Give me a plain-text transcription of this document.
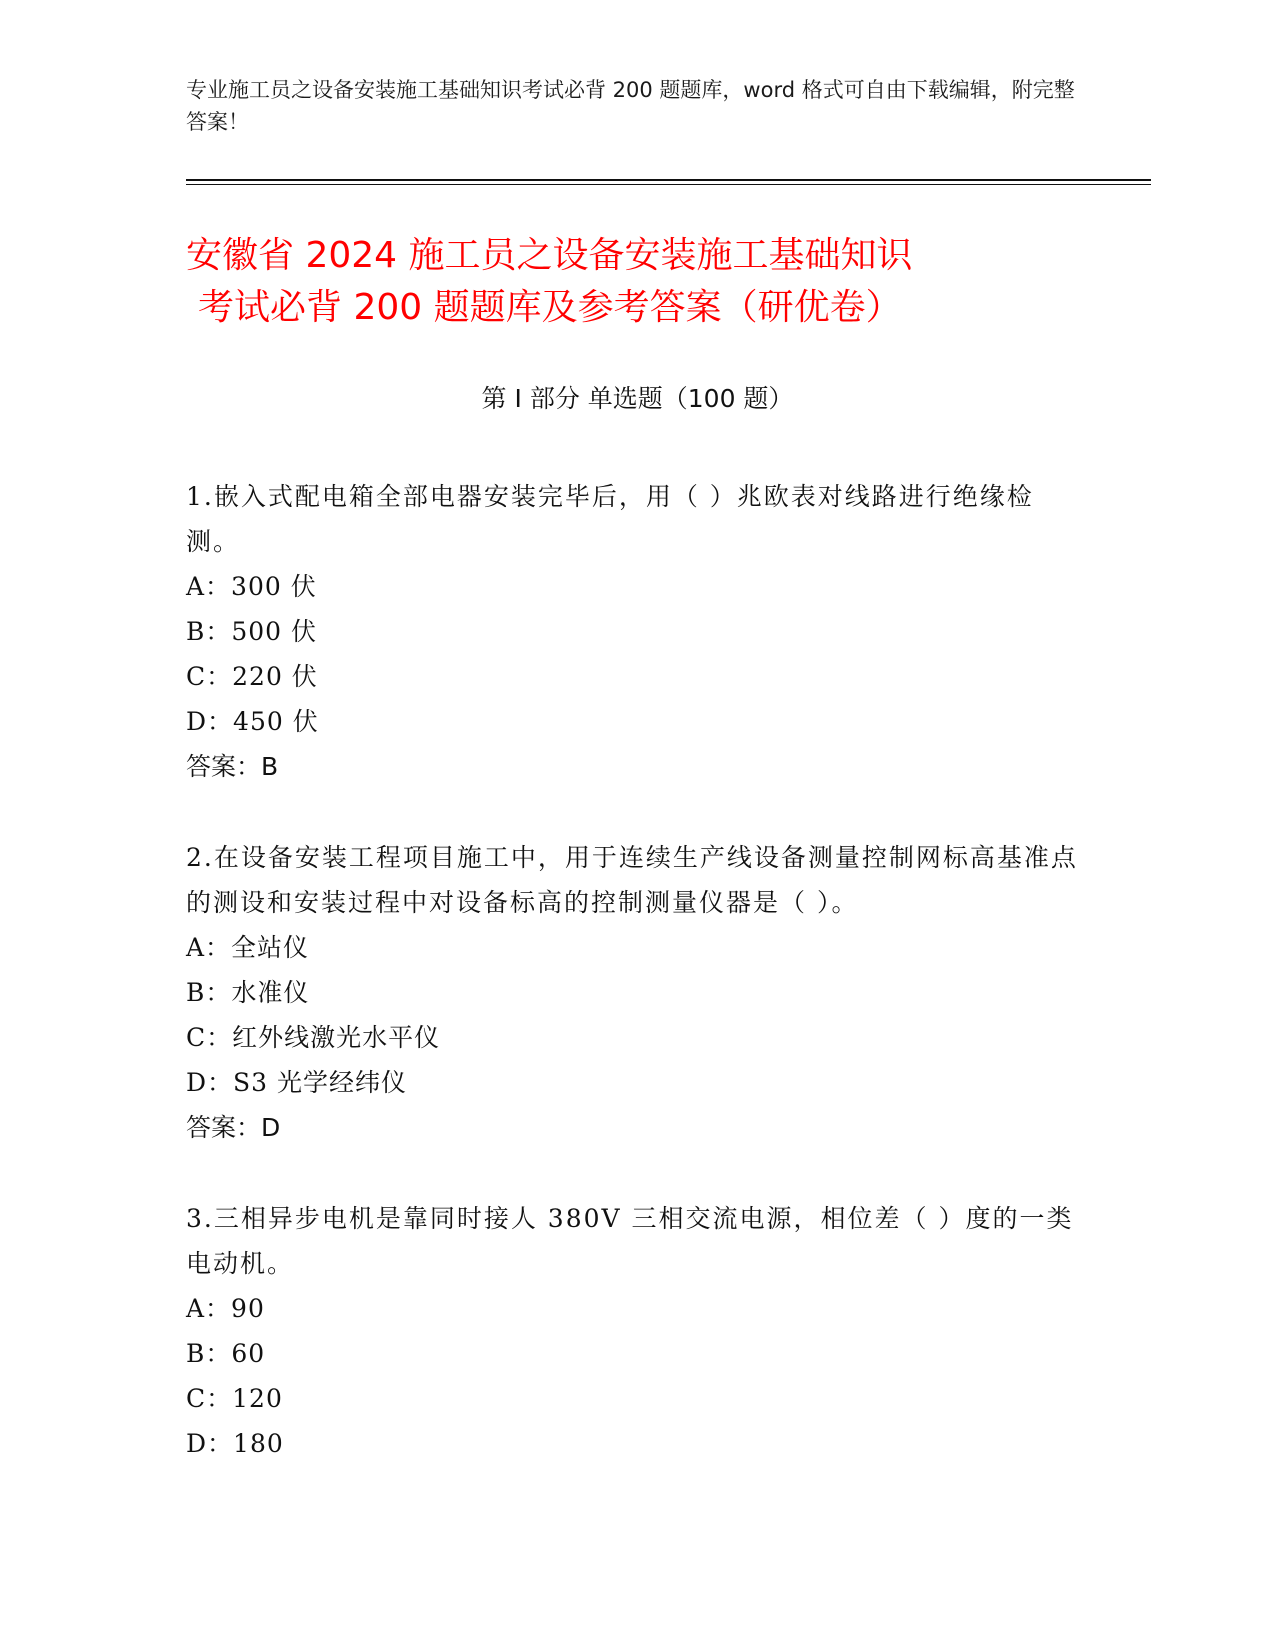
专业施工员之设备安装施工基础知识考试必背 200 题题库，word 格式可自由下载编辑，附完整答案！
安徽省 2024 施工员之设备安装施工基础知识
考试必背 200 题题库及参考答案（研优卷）
第 I 部分 单选题（100 题）
1.嵌入式配电箱全部电器安装完毕后，用（ ）兆欧表对线路进行绝缘检测。
A：300 伏
B：500 伏
C：220 伏
D：450 伏
答案：B
2.在设备安装工程项目施工中，用于连续生产线设备测量控制网标高基准点的测设和安装过程中对设备标高的控制测量仪器是（ ）。
A：全站仪
B：水准仪
C：红外线激光水平仪
D：S3 光学经纬仪
答案：D
3.三相异步电机是靠同时接人 380V 三相交流电源，相位差（ ）度的一类电动机。
A：90
B：60
C：120
D：180
